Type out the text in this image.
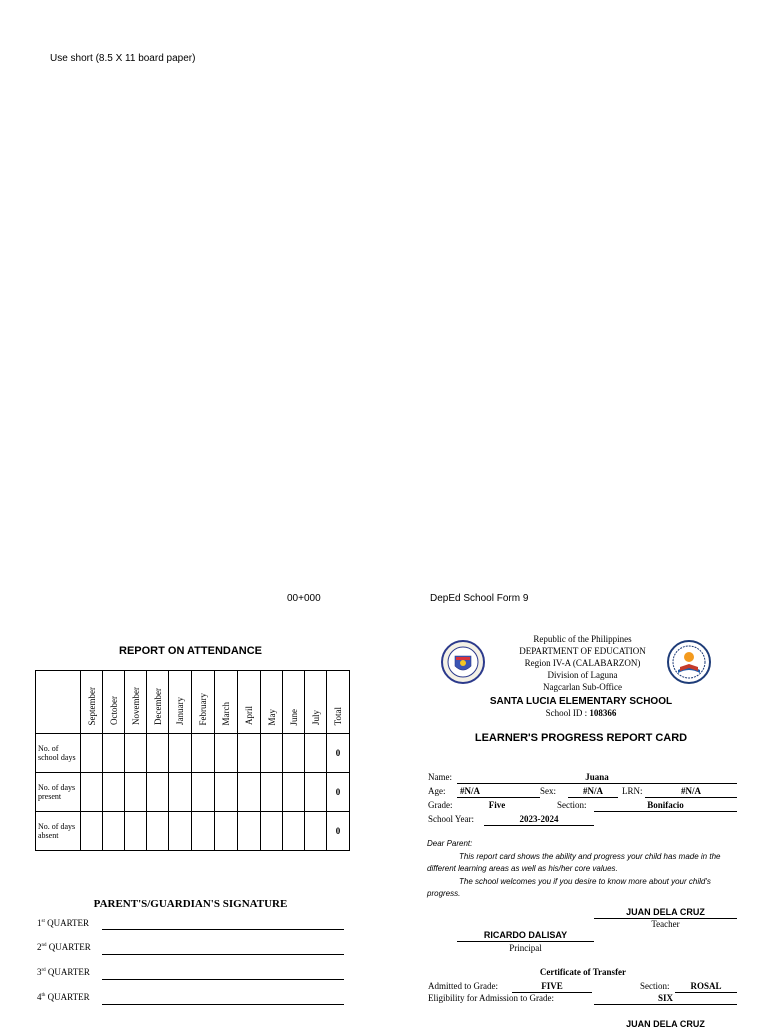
Use short (8.5 X 11 board paper)
00+000
REPORT ON ATTENDANCE
	September	October	November	December	January	February	March	April	May	June	July	Total
No. of school days												0
No. of days present												0
No. of days absent												0
PARENT'S/GUARDIAN'S SIGNATURE
1st QUARTER
2nd QUARTER
3rd QUARTER
4th QUARTER
DepEd School Form 9
Republic of the Philippines
DEPARTMENT OF EDUCATION
Region IV-A (CALABARZON)
Division of Laguna
Nagcarlan Sub-Office
SANTA LUCIA ELEMENTARY SCHOOL
School ID : 108366
LEARNER'S PROGRESS REPORT CARD
Name:	Juana
Age:	#N/A	Sex:	#N/A	LRN:	#N/A
Grade:	Five	Section:	Bonifacio
School Year:	2023-2024

Dear Parent:

This report card shows the ability and progress your child has made in the different learning areas as well as his/her core values.

The school welcomes you if you desire to know more about your child's progress.

JUAN DELA CRUZ
Teacher
RICARDO DALISAY
Principal
Certificate of Transfer
Admitted to Grade:	FIVE	Section:	ROSAL
Eligibility for Admission to Grade:	SIX
JUAN DELA CRUZ
